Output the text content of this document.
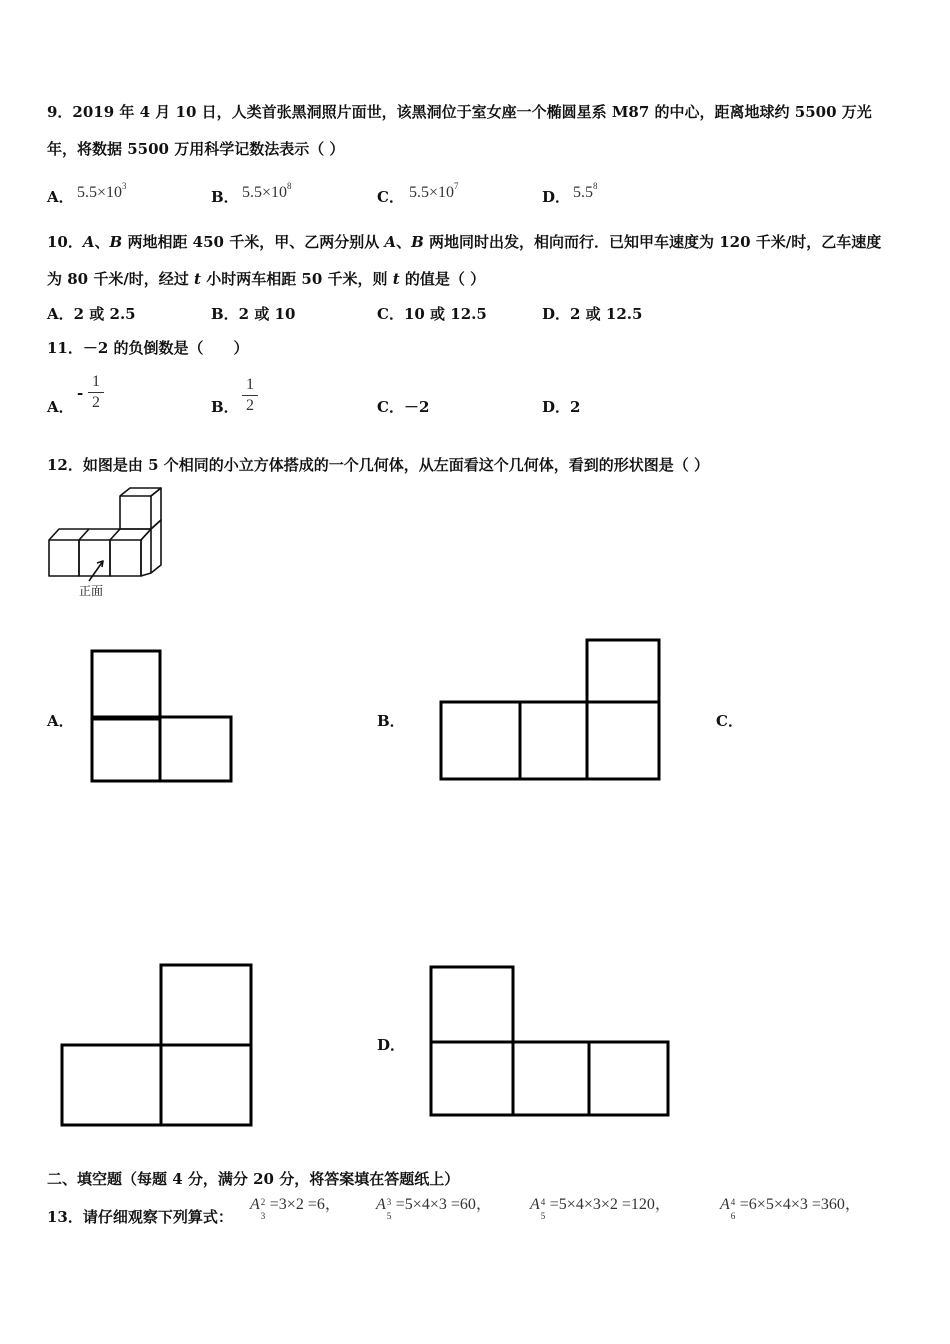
9．2019 年 4 月 10 日，人类首张黑洞照片面世，该黑洞位于室女座一个椭圆星系 M87 的中心，距离地球约 5500 万光
年，将数据 5500 万用科学记数法表示（ ）
A． $5.5\times 10^3$
B． $5.5\times 10^8$
C． $5.5\times 10^7$
D． $5.5^8$
10．A、B 两地相距 450 千米，甲、乙两分别从 A、B 两地同时出发，相向而行．已知甲车速度为 120 千米/时，乙车速度
为 80 千米/时，经过 t 小时两车相距 50 千米，则 t 的值是（ ）
A．2 或 2.5	B．2 或 10	C．10 或 12.5	D．2 或 12.5
11．－2 的负倒数是（　　）
A．
-
1
2	B．
1
2	C．－2	D．2
12．如图是由 5 个相同的小立方体搭成的一个几何体，从左面看这个几何体，看到的形状图是（ ）
正面
A．	B．	C．
D．
二、填空题（每题 4 分，满分 20 分，将答案填在答题纸上）
13．请仔细观察下列算式：
A 2
3
=3×2 =6， A 3
5
=5×4×3 =60， A 4
5
=5×4×3×2 =120，	A 4
6
=6×5×4×3 =360，
